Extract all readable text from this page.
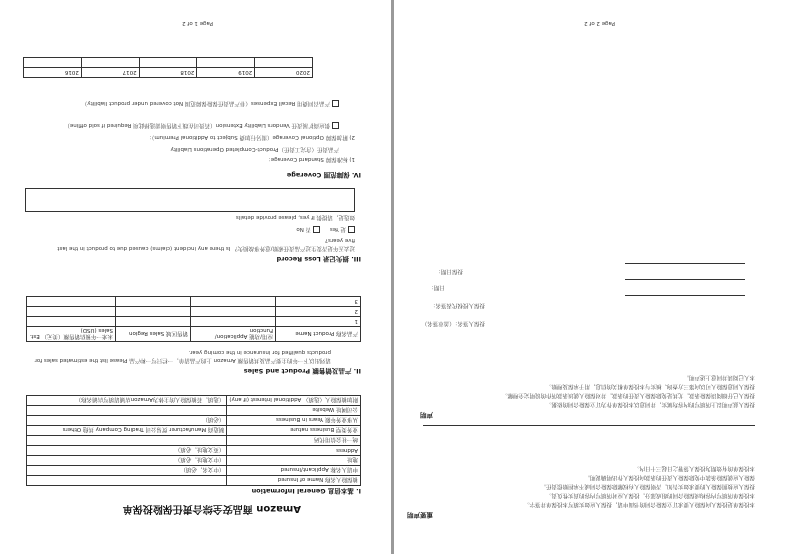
Page 1 of 2
Amazon 商品安全综合责任保险投保单
I. 基本信息 General Information
被保险人名称 Name of Insured	
申请人名称 Applicant/Insured	（中文名，必填）
地址	（中文地址，必填）
Address	（英文地址，必填）
统一社会信用代码	
业务类型 Business nature	制造商 Manufacturer 贸易公司 Trading Company 其他 Others
从事业务年限 Years in Business	（必填）
公司网址 Website	
附加被保险人（选填） Additional Interest (if any)	（选填，若被保险人的主体为Amazon店铺请填写店铺名称）
II. 产品及销售额 Product and Sales
请列出以下一年的主要产品及其销售额 Amazon 上的产品清单，一栏只写一种产品 Please list the estimated sales for products qualified for insurance in the coming year.
产品名称 Product Name	应用/功能 Application/ Function	销售区域 Sales Region	未来一年预估销售额（美元） Est. Sales (USD)
1			
2			
3			
III. 损失记录 Loss Record
过去五年是否发生过产品责任索赔/意外事故损失？ Is there any incident (claims) caused due to product in the last five years?
是 Yes 否 No
如选是，请提供 If yes, please provide details
IV. 保障范围 Coverage
1) 标准保障 Standard Coverage：
产品责任（含完工责任）Product-Completed Operations Liability
2) 附加保障 Optional Coverage（需另行加费 Subject to Additional Premium）：
供应商扩展责任 Vendors Liability Extension（若贵司在线下销售则需选择此项 Required if sold offline）
产品召回费用 Recall Expenses（非产品责任保险保障范围 Not covered under product liability）
2020	2019	2018	2017	2016

Page 2 of 2
重要声明
本投保单是投保人向保险人要求订立保险合同的书面申请，投保人应如实填写本投保单并签字。
本投保单所填写内容构成保险合同的组成部分，投保人应对所填写内容的真实性负责。
投保人应按照保险人的要求如实告知，否则保险人有权解除保险合同或不承担赔偿责任。
保险人应就保险条款中免除保险人责任的条款向投保人作出明确说明。
本投保单的有效期为投保人签署之日起三十日内。
声明
投保人兹声明以上所填写的内容均属实，并同意以本投保单作为订立保险合同的依据。
投保人已仔细阅读保险条款，尤其是免除保险人责任的条款，并对保险人就该条款所作的说明完全理解。
投保人同意保险人可以向第三方查询、核实与本投保单相关的信息，用于承保及理赔。
本人已阅读并同意上述声明。
投保人签名：（盖章签名）
投保人授权代表签名：
日期：
投保日期：
